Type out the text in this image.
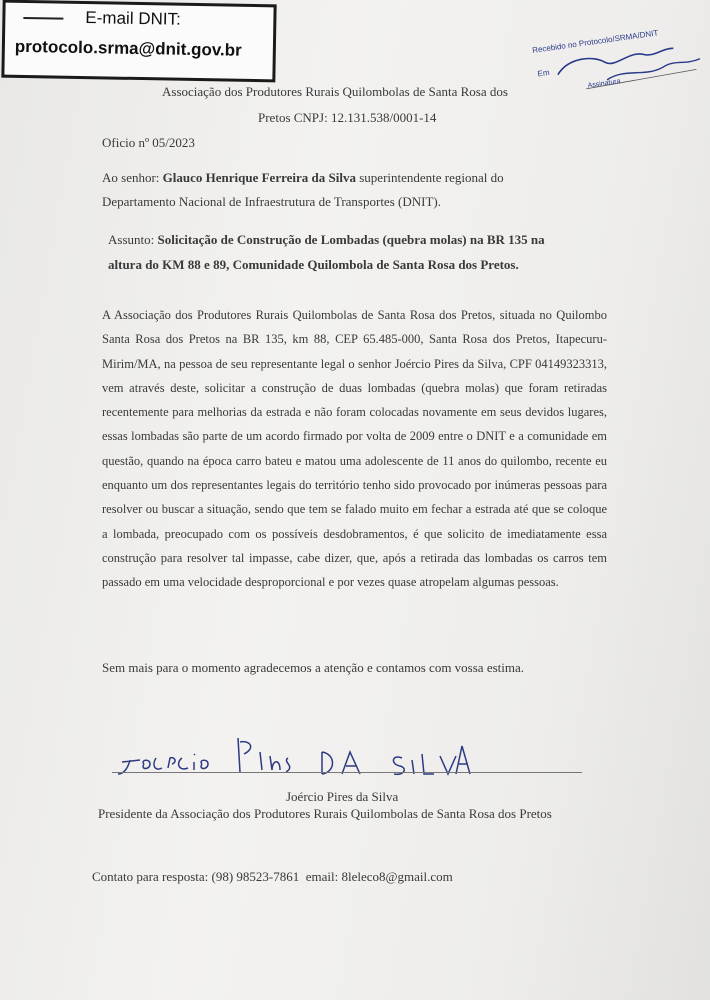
E-mail DNIT:
protocolo.srma@dnit.gov.br	Recebido no Protocolo/SRMA/DNIT
Em
Assinatura
Associação dos Produtores Rurais Quilombolas de Santa Rosa dos
Pretos CNPJ: 12.131.538/0001-14
Oficio nº 05/2023
Ao senhor: Glauco Henrique Ferreira da Silva superintendente regional do
Departamento Nacional de Infraestrutura de Transportes (DNIT).
Assunto: Solicitação de Construção de Lombadas (quebra molas) na BR 135 na
altura do KM 88 e 89, Comunidade Quilombola de Santa Rosa dos Pretos.
A Associação dos Produtores Rurais Quilombolas de Santa Rosa dos Pretos, situada no Quilombo Santa Rosa dos Pretos na BR 135, km 88, CEP 65.485-000, Santa Rosa dos Pretos, Itapecuru-Mirim/MA, na pessoa de seu representante legal o senhor Joércio Pires da Silva, CPF 04149323313, vem através deste, solicitar a construção de duas lombadas (quebra molas) que foram retiradas recentemente para melhorias da estrada e não foram colocadas novamente em seus devidos lugares, essas lombadas são parte de um acordo firmado por volta de 2009 entre o DNIT e a comunidade em questão, quando na época carro bateu e matou uma adolescente de 11 anos do quilombo, recente eu enquanto um dos representantes legais do território tenho sido provocado por inúmeras pessoas para resolver ou buscar a situação, sendo que tem se falado muito em fechar a estrada até que se coloque a lombada, preocupado com os possíveis desdobramentos, é que solicito de imediatamente essa construção para resolver tal impasse, cabe dizer, que, após a retirada das lombadas os carros tem passado em uma velocidade desproporcional e por vezes quase atropelam algumas pessoas.
Sem mais para o momento agradecemos a atenção e contamos com vossa estima.
Joércio Pires da Silva
Presidente da Associação dos Produtores Rurais Quilombolas de Santa Rosa dos Pretos
Contato para resposta: (98) 98523-7861  email: 8leleco8@gmail.com
